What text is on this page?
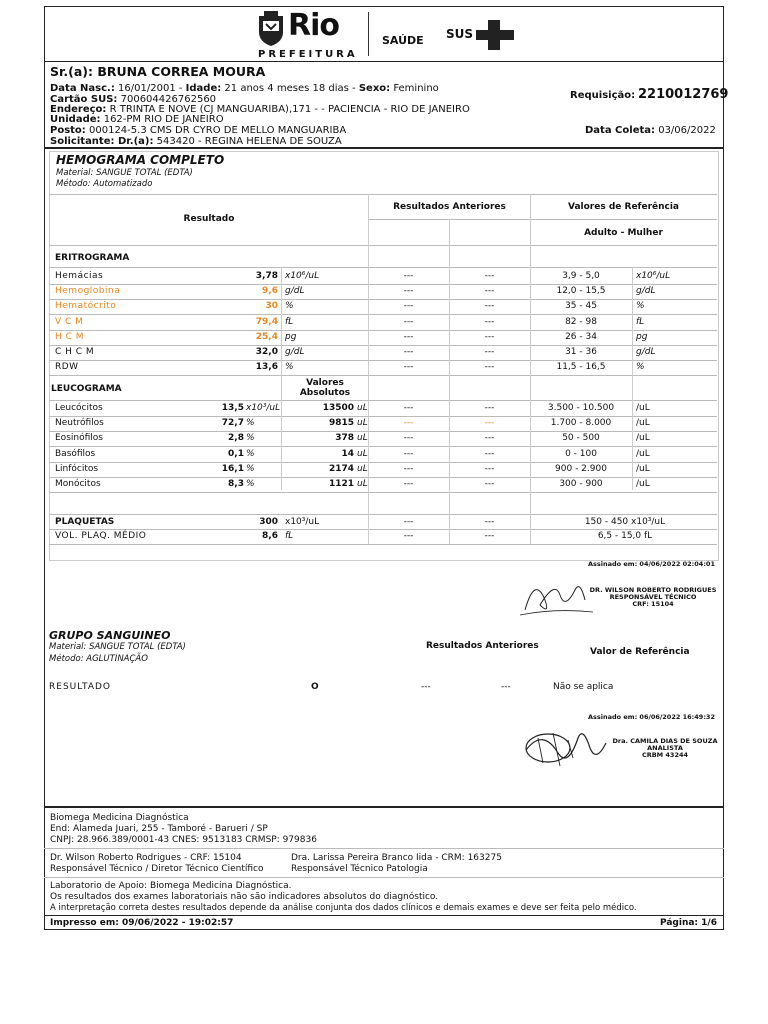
Rio
PREFEITURA
SAÚDE SUS
Sr.(a): BRUNA CORREA MOURA
Data Nasc.: 16/01/2001 - Idade: 21 anos 4 meses 18 dias - Sexo: Feminino
Cartão SUS: 700604426762560
Endereço: R TRINTA E NOVE (CJ MANGUARIBA),171 - - PACIENCIA - RIO DE JANEIRO
Unidade: 162-PM RIO DE JANEIRO
Posto: 000124-5.3 CMS DR CYRO DE MELLO MANGUARIBA
Solicitante: Dr.(a): 543420 - REGINA HELENA DE SOUZA
Requisição: 2210012769
Data Coleta: 03/06/2022
HEMOGRAMA COMPLETO
Material: SANGUE TOTAL (EDTA)
Método: Automatizado
Resultado
Resultados Anteriores	Valores de Referência
Adulto - Mulher
ERITROGRAMA
Hemácias	3,78 x10⁶/uL	---	---	3,9 - 5,0	x10⁶/uL
Hemoglobina	9,6 g/dL	---	---	12,0 - 15,5	g/dL
Hematócrito	30 %	---	---	35 - 45	%
V C M	79,4 fL	---	---	82 - 98	fL
H C M	25,4 pg	---	---	26 - 34	pg
C H C M	32,0 g/dL	---	---	31 - 36	g/dL
RDW	13,6 %	---	---	11,5 - 16,5	%
LEUCOGRAMA
Valores Absolutos
Leucócitos	13,5 x10³/uL	13500 uL	---	---	3.500 - 10.500	/uL
Neutrófilos	72,7 %	9815 uL	---	---	1.700 - 8.000	/uL
Eosinófilos	2,8 %	378 uL	---	---	50 - 500	/uL
Basófilos	0,1 %	14 uL	---	---	0 - 100	/uL
Linfócitos	16,1 %	2174 uL	---	---	900 - 2.900	/uL
Monócitos	8,3 %	1121 uL	---	---	300 - 900	/uL
PLAQUETAS	300 x10³/uL	---	---	150 - 450 x10³/uL
VOL. PLAQ. MÉDIO	8,6 fL	---	---	6,5 - 15,0 fL
Assinado em: 04/06/2022 02:04:01
DR. WILSON ROBERTO RODRIGUES
RESPONSÁVEL TÉCNICO
CRF: 15104
GRUPO SANGUINEO
Material: SANGUE TOTAL (EDTA)
Método: AGLUTINAÇÃO
Resultados Anteriores
Valor de Referência
RESULTADO	O	---	---	Não se aplica
Assinado em: 06/06/2022 16:49:32
Dra. CAMILA DIAS DE SOUZA
ANALISTA
CRBM 43244
Biomega Medicina Diagnóstica
End: Alameda Juari, 255 - Tamboré - Barueri / SP
CNPJ: 28.966.389/0001-43 CNES: 9513183 CRMSP: 979836
Dr. Wilson Roberto Rodrigues - CRF: 15104
Responsável Técnico / Diretor Técnico Científico
Dra. Larissa Pereira Branco Iida - CRM: 163275
Responsável Técnico Patologia
Laboratorio de Apoio: Biomega Medicina Diagnóstica.
Os resultados dos exames laboratoriais não são indicadores absolutos do diagnóstico.
A interpretação correta destes resultados depende da análise conjunta dos dados clínicos e demais exames e deve ser feita pelo médico.
Impresso em: 09/06/2022 - 19:02:57	Página: 1/6
